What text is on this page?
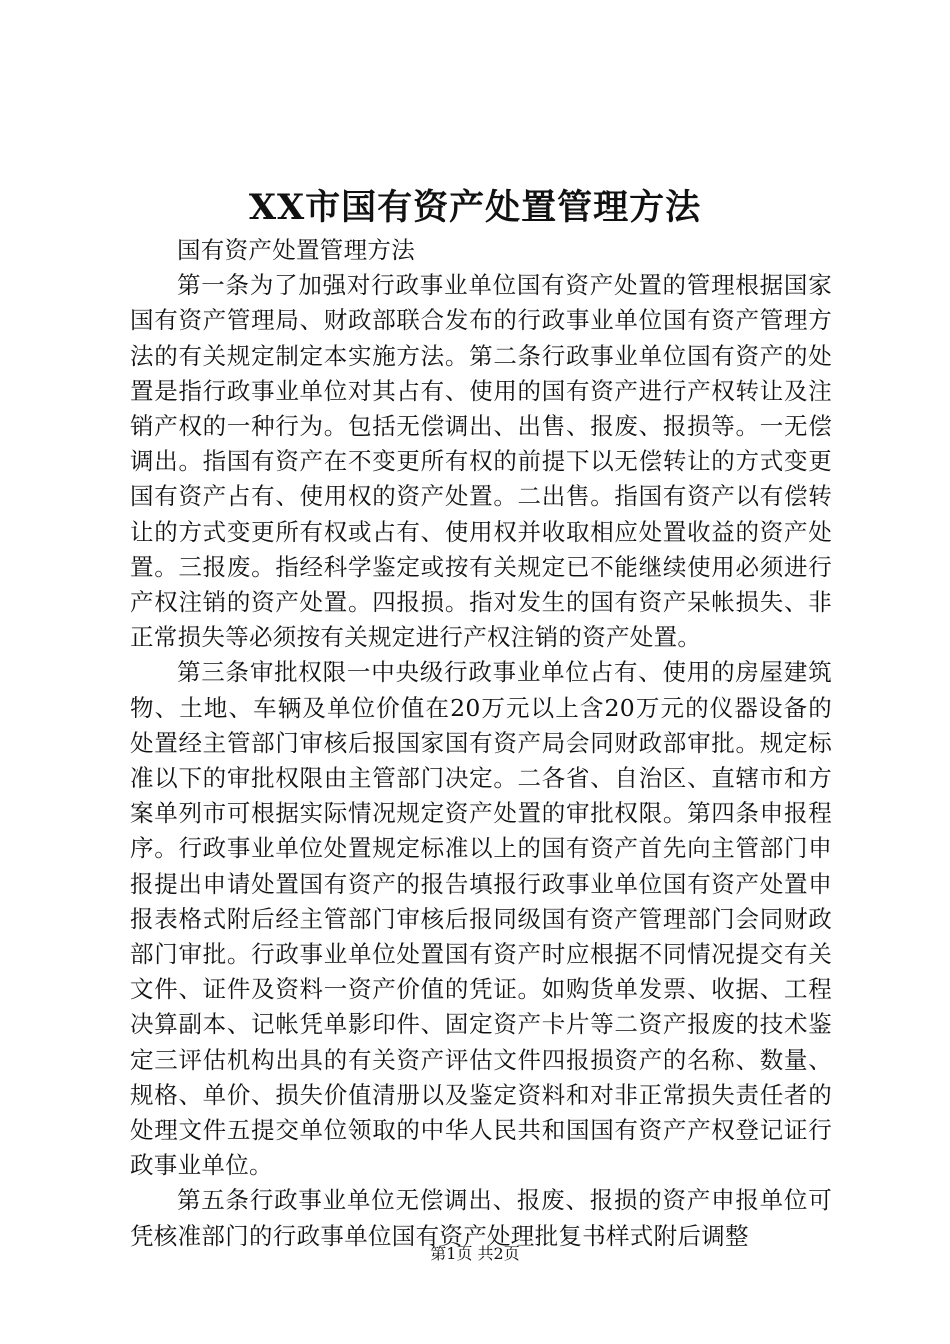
XX市国有资产处置管理方法

国有资产处置管理方法

第一条为了加强对行政事业单位国有资产处置的管理根据国家国有资产管理局、财政部联合发布的行政事业单位国有资产管理方法的有关规定制定本实施方法。第二条行政事业单位国有资产的处置是指行政事业单位对其占有、使用的国有资产进行产权转让及注销产权的一种行为。包括无偿调出、出售、报废、报损等。一无偿调出。指国有资产在不变更所有权的前提下以无偿转让的方式变更国有资产占有、使用权的资产处置。二出售。指国有资产以有偿转让的方式变更所有权或占有、使用权并收取相应处置收益的资产处置。三报废。指经科学鉴定或按有关规定已不能继续使用必须进行产权注销的资产处置。四报损。指对发生的国有资产呆帐损失、非正常损失等必须按有关规定进行产权注销的资产处置。

第三条审批权限一中央级行政事业单位占有、使用的房屋建筑物、土地、车辆及单位价值在20万元以上含20万元的仪器设备的处置经主管部门审核后报国家国有资产局会同财政部审批。规定标准以下的审批权限由主管部门决定。二各省、自治区、直辖市和方案单列市可根据实际情况规定资产处置的审批权限。第四条申报程序。行政事业单位处置规定标准以上的国有资产首先向主管部门申报提出申请处置国有资产的报告填报行政事业单位国有资产处置申报表格式附后经主管部门审核后报同级国有资产管理部门会同财政部门审批。行政事业单位处置国有资产时应根据不同情况提交有关文件、证件及资料一资产价值的凭证。如购货单发票、收据、工程决算副本、记帐凭单影印件、固定资产卡片等二资产报废的技术鉴定三评估机构出具的有关资产评估文件四报损资产的名称、数量、规格、单价、损失价值清册以及鉴定资料和对非正常损失责任者的处理文件五提交单位领取的中华人民共和国国有资产产权登记证行政事业单位。

第五条行政事业单位无偿调出、报废、报损的资产申报单位可凭核准部门的行政事单位国有资产处理批复书样式附后调整

第1页 共2页
